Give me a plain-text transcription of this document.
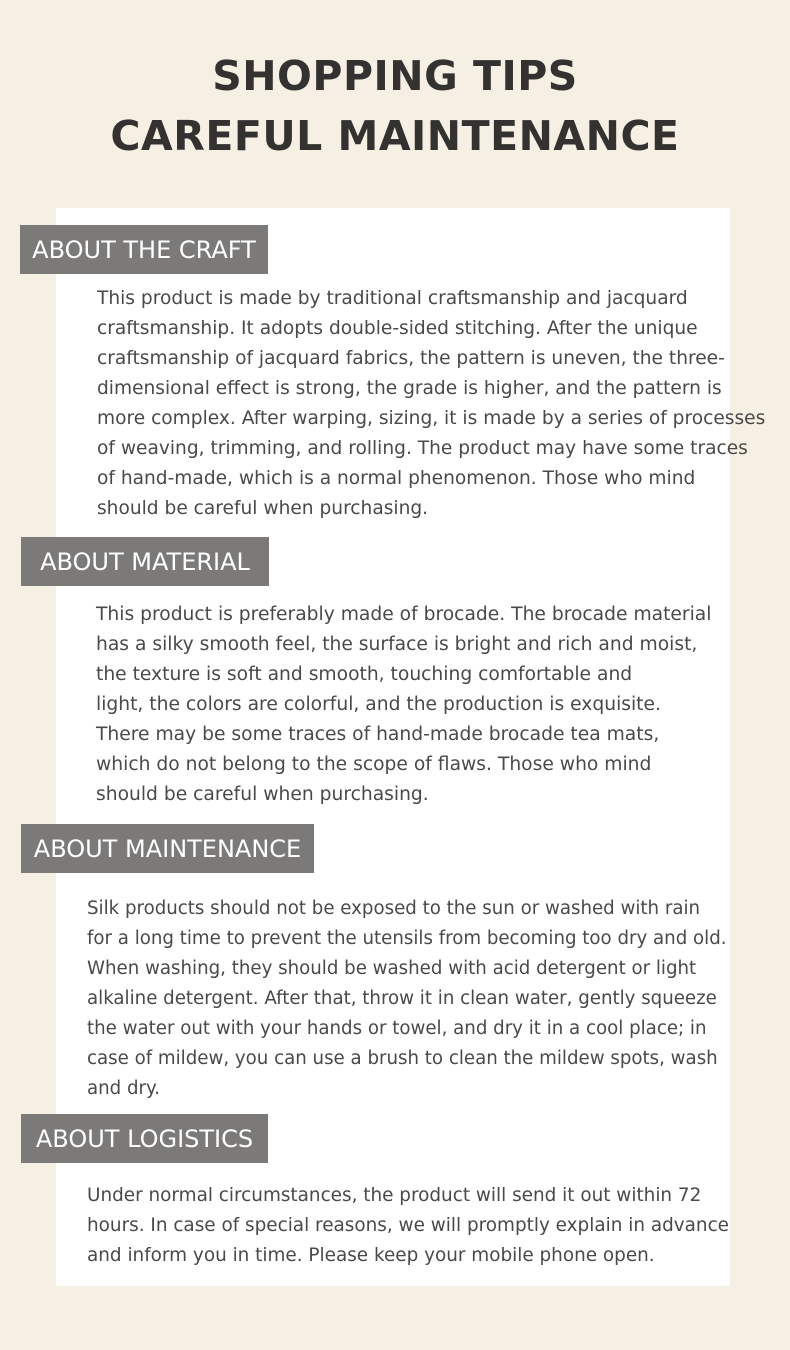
SHOPPING TIPS
CAREFUL MAINTENANCE
ABOUT THE CRAFT
This product is made by traditional craftsmanship and jacquard
craftsmanship. It adopts double-sided stitching. After the unique
craftsmanship of jacquard fabrics, the pattern is uneven, the three-
dimensional effect is strong, the grade is higher, and the pattern is
more complex. After warping, sizing, it is made by a series of processes
of weaving, trimming, and rolling. The product may have some traces
of hand-made, which is a normal phenomenon. Those who mind
should be careful when purchasing.
ABOUT MATERIAL
This product is preferably made of brocade. The brocade material
has a silky smooth feel, the surface is bright and rich and moist,
the texture is soft and smooth, touching comfortable and
light, the colors are colorful, and the production is exquisite.
There may be some traces of hand-made brocade tea mats,
which do not belong to the scope of flaws. Those who mind
should be careful when purchasing.
ABOUT MAINTENANCE
Silk products should not be exposed to the sun or washed with rain
for a long time to prevent the utensils from becoming too dry and old.
When washing, they should be washed with acid detergent or light
alkaline detergent. After that, throw it in clean water, gently squeeze
the water out with your hands or towel, and dry it in a cool place; in
case of mildew, you can use a brush to clean the mildew spots, wash
and dry.
ABOUT LOGISTICS
Under normal circumstances, the product will send it out within 72
hours. In case of special reasons, we will promptly explain in advance
and inform you in time. Please keep your mobile phone open.
